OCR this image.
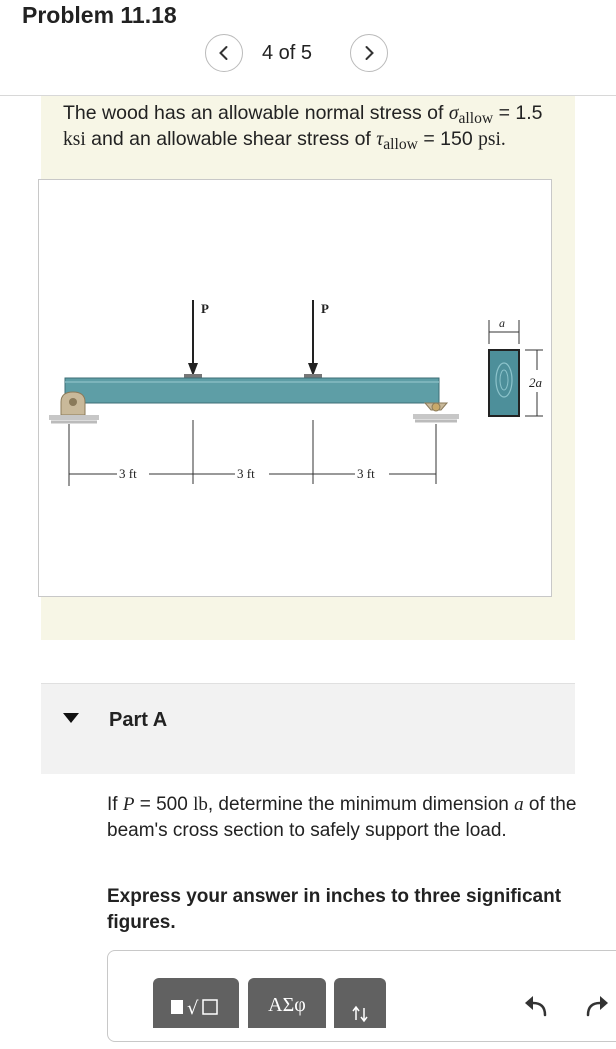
Problem 11.18
4 of 5
The wood has an allowable normal stress of σallow = 1.5 ksi and an allowable shear stress of τallow = 150 psi.
P	P
3 ft	3 ft	3 ft
a
2a
Part A
If P = 500 lb, determine the minimum dimension a of the beam's cross section to safely support the load.
Express your answer in inches to three significant figures.
√	ΑΣφ
